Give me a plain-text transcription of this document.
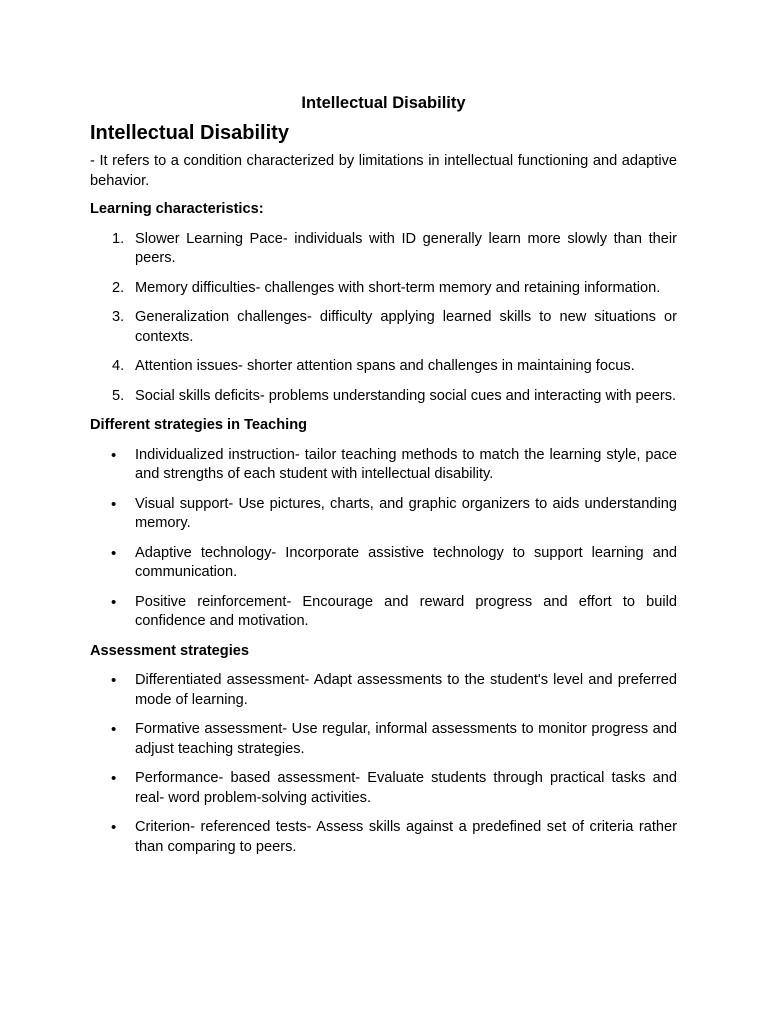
Intellectual Disability
Intellectual Disability

- It refers to a condition characterized by limitations in intellectual functioning and adaptive behavior.

Learning characteristics:
1. Slower Learning Pace- individuals with ID generally learn more slowly than their peers.
2. Memory difficulties- challenges with short-term memory and retaining information.
3. Generalization challenges- difficulty applying learned skills to new situations or contexts.
4. Attention issues- shorter attention spans and challenges in maintaining focus.
5. Social skills deficits- problems understanding social cues and interacting with peers.
Different strategies in Teaching
• Individualized instruction- tailor teaching methods to match the learning style, pace and strengths of each student with intellectual disability.
• Visual support- Use pictures, charts, and graphic organizers to aids understanding memory.
• Adaptive technology- Incorporate assistive technology to support learning and communication.
• Positive reinforcement- Encourage and reward progress and effort to build confidence and motivation.
Assessment strategies
• Differentiated assessment- Adapt assessments to the student's level and preferred mode of learning.
• Formative assessment- Use regular, informal assessments to monitor progress and adjust teaching strategies.
• Performance- based assessment- Evaluate students through practical tasks and real- word problem-solving activities.
• Criterion- referenced tests- Assess skills against a predefined set of criteria rather than comparing to peers.
